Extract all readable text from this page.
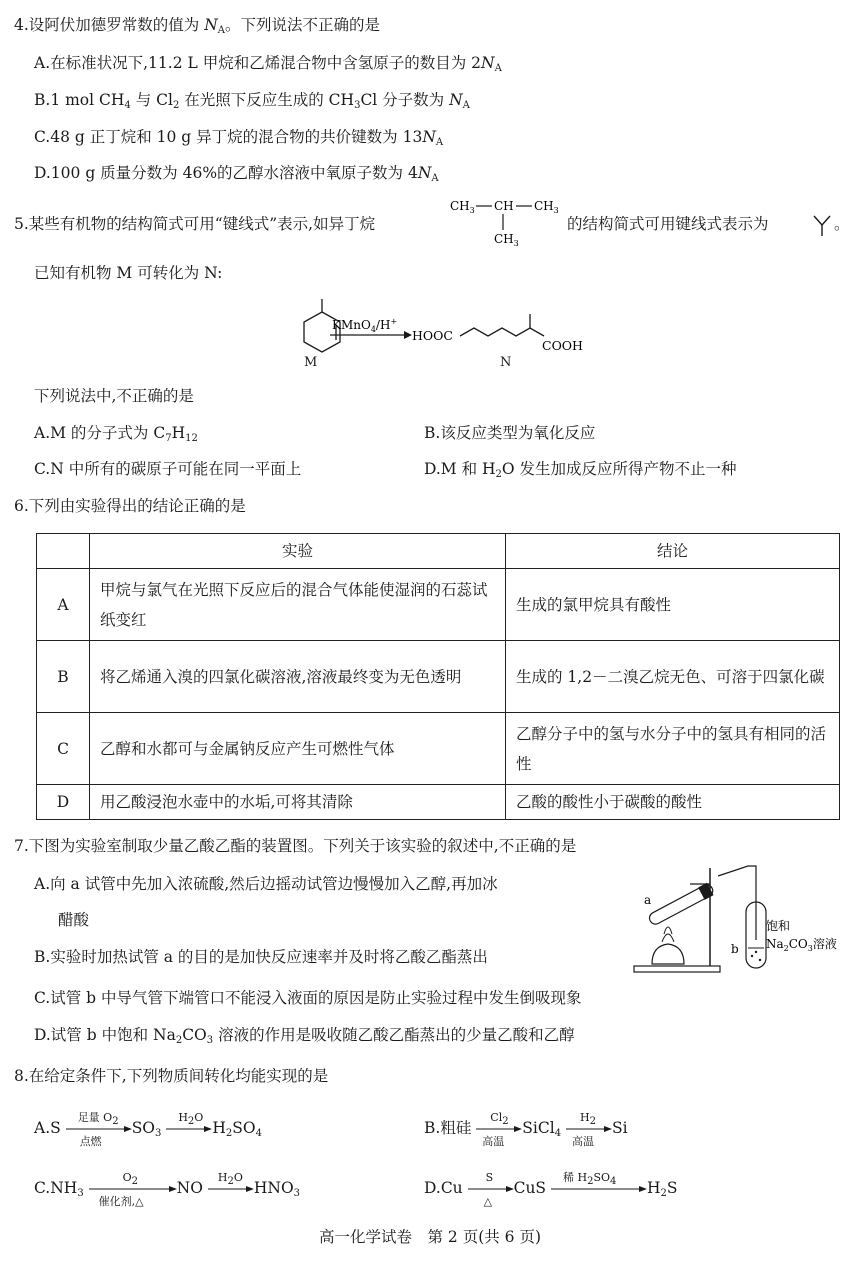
4.设阿伏加德罗常数的值为 $N_A$。下列说法不正确的是
A.在标准状况下,11.2 L 甲烷和乙烯混合物中含氢原子的数目为 $2N_A$
B.1 mol $CH_4$ 与 $Cl_2$ 在光照下反应生成的 $CH_3Cl$ 分子数为 $N_A$
C.48 g 正丁烷和 10 g 异丁烷的混合物的共价键数为 $13N_A$
D.100 g 质量分数为 46%的乙醇水溶液中氧原子数为 $4N_A$
5.某些有机物的结构简式可用“键线式”表示,如异丁烷
$CH_3$ CH $CH_3$
$CH_3$
的结构简式可用键线式表示为	。
已知有机物 M 可转化为 N:
KMnO$_4$/H+
HOOC
COOH
M	N
下列说法中,不正确的是
A.M 的分子式为 $C_7H_{12}$	B.该反应类型为氧化反应
C.N 中所有的碳原子可能在同一平面上	D.M 和 $H_2O$ 发生加成反应所得产物不止一种
6.下列由实验得出的结论正确的是
	实验	结论
A	甲烷与氯气在光照下反应后的混合气体能使湿润的石蕊试纸变红	生成的氯甲烷具有酸性
B	将乙烯通入溴的四氯化碳溶液,溶液最终变为无色透明	生成的 1,2－二溴乙烷无色、可溶于四氯化碳
C	乙醇和水都可与金属钠反应产生可燃性气体	乙醇分子中的氢与水分子中的氢具有相同的活性
D	用乙酸浸泡水壶中的水垢,可将其清除	乙酸的酸性小于碳酸的酸性
7.下图为实验室制取少量乙酸乙酯的装置图。下列关于该实验的叙述中,不正确的是
A.向 a 试管中先加入浓硫酸,然后边摇动试管边慢慢加入乙醇,再加冰
醋酸
B.实验时加热试管 a 的目的是加快反应速率并及时将乙酸乙酯蒸出
C.试管 b 中导气管下端管口不能浸入液面的原因是防止实验过程中发生倒吸现象
D.试管 b 中饱和 $Na_2CO_3$ 溶液的作用是吸收随乙酸乙酯蒸出的少量乙酸和乙醇
a
b
饱和
$Na_2CO_3$溶液
8.在给定条件下,下列物质间转化均能实现的是
A.S
足量 $O_2$
点燃
$SO_3$
$H_2O$
$H_2SO_4$	B.粗硅
$Cl_2$
高温
SiCl$_4$
$H_2$
高温
Si
$C.NH_3$
$O_2$
催化剂,△
NO
$H_2O$
$HNO_3$	D.Cu
S
△
CuS
稀 $H_2SO_4$ $H_2S$
高一化学试卷　第 2 页(共 6 页)
